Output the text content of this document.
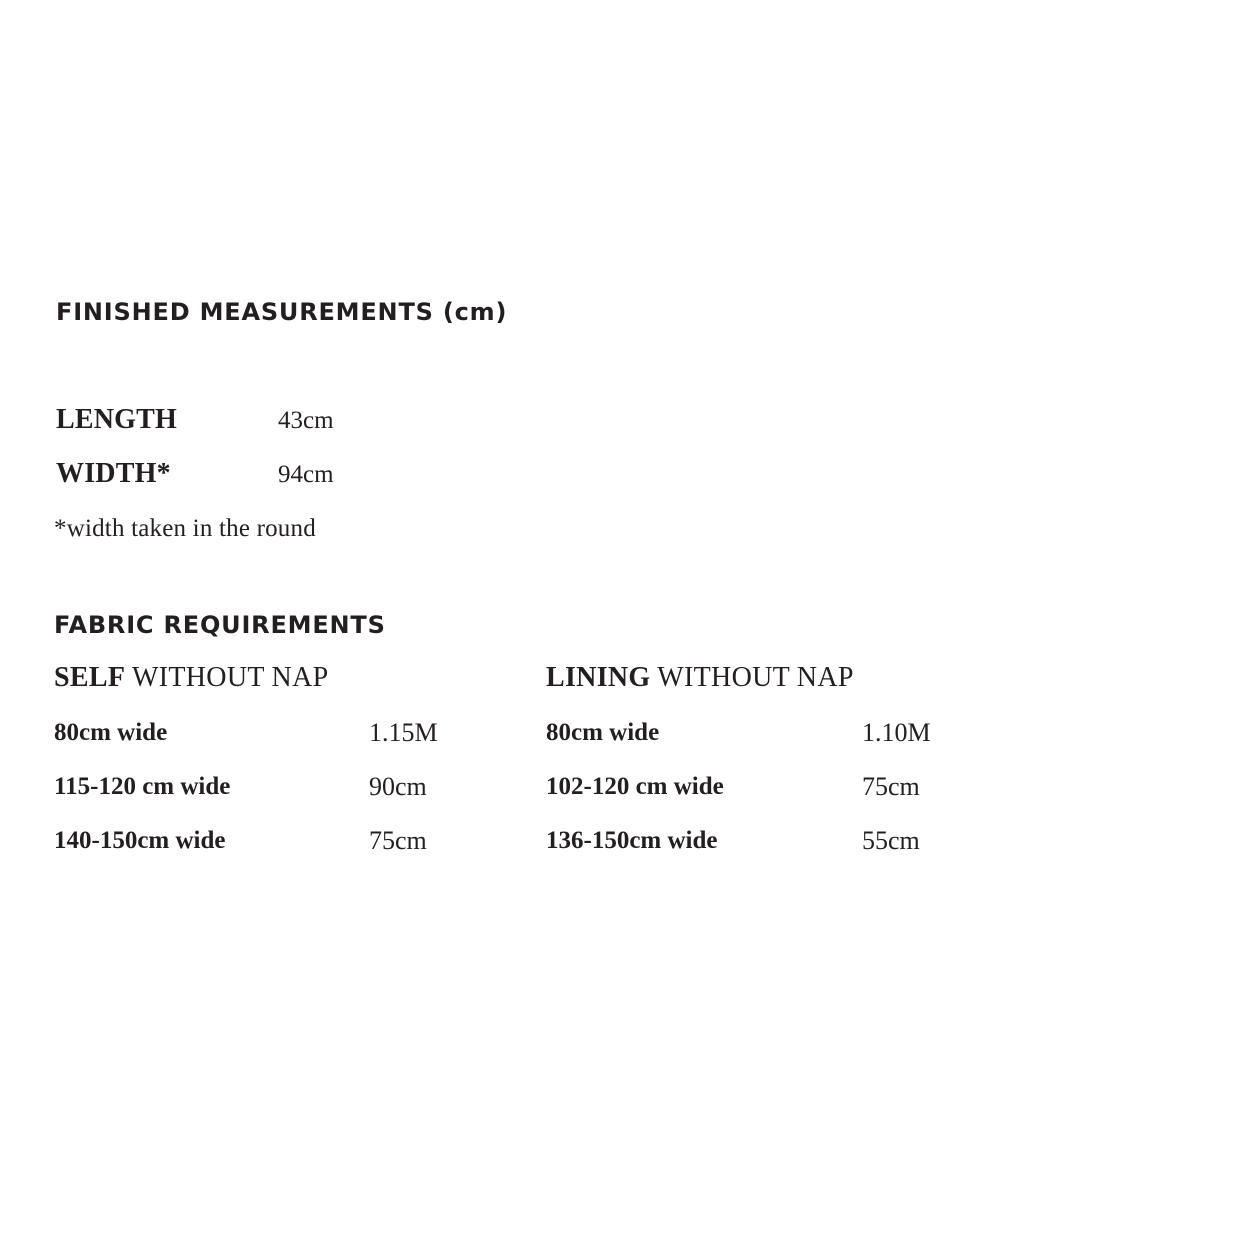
FINISHED MEASUREMENTS (cm)
LENGTH	43cm
WIDTH*	94cm
*width taken in the round
FABRIC REQUIREMENTS
SELF WITHOUT NAP
80cm wide	1.15M
115-120 cm wide	90cm
140-150cm wide	75cm
LINING WITHOUT NAP
80cm wide	1.10M
102-120 cm wide	75cm
136-150cm wide	55cm
